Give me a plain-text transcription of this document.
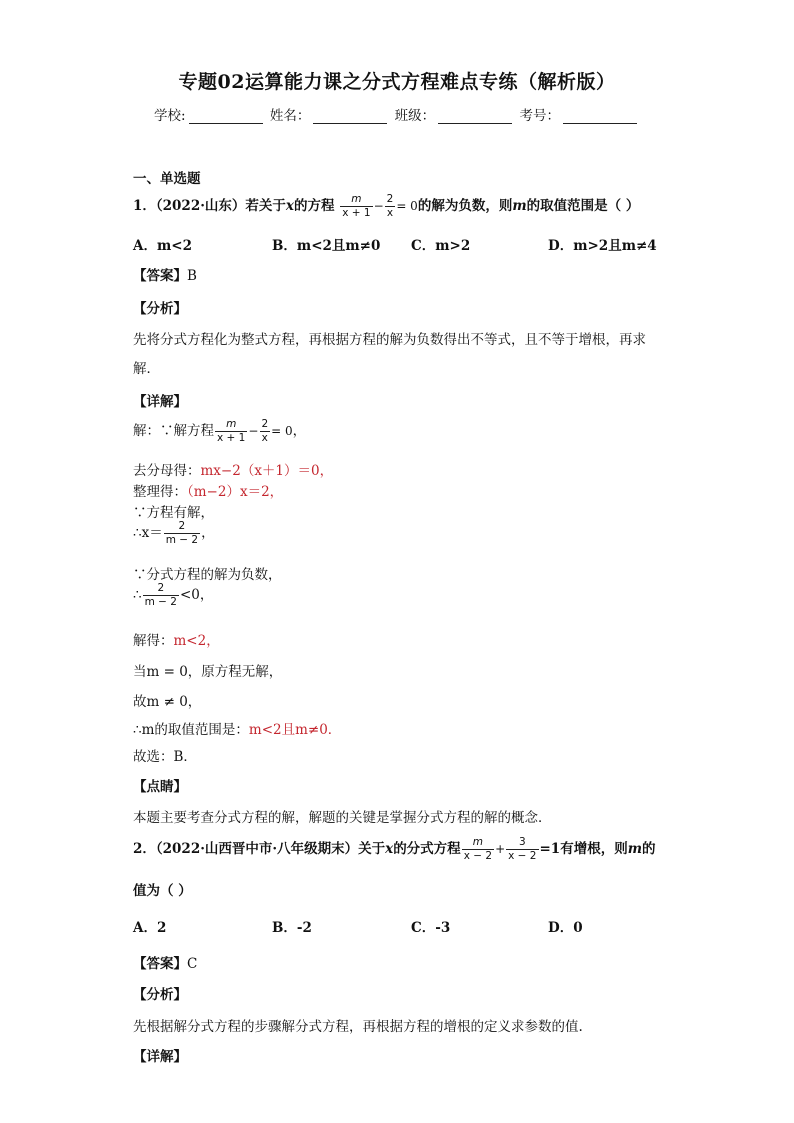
专题02运算能力课之分式方程难点专练（解析版）
学校:	姓名：	班级：	考号：
一、单选题
1．（2022·山东）若关于x的方程 $\frac{m}{x + 1} - \frac{2}{x} = 0$的解为负数，则m的取值范围是（ ）
A．m<2	B．m<2且m≠0 C．m>2	D．m>2且m≠4
【答案】B
【分析】
先将分式方程化为整式方程，再根据方程的解为负数得出不等式，且不等于增根，再求
解．
【详解】
解：∵解方程 $\frac{m}{x + 1} - \frac{2}{x} = 0$，
去分母得：mx−2（x＋1）＝0，
整理得：（m−2）x＝2，
∵方程有解，
∴x＝ $\frac{2}{m - 2}$ ，
∵分式方程的解为负数，
∴ $\frac{2}{m - 2} <0$，
解得：m<2，
当m = 0，原方程无解，
故m ≠ 0，
∴m的取值范围是：m<2且m≠0．
故选：B．
【点睛】
本题主要考查分式方程的解，解题的关键是掌握分式方程的解的概念．
2．（2022·山西晋中市·八年级期末）关于x的分式方程 $\frac{m}{x - 2} + \frac{3}{x - 2} =1$有增根，则m的
值为（ ）
A．2	B．-2	C．-3	D．0
【答案】C
【分析】
先根据解分式方程的步骤解分式方程，再根据方程的增根的定义求参数的值.
【详解】
